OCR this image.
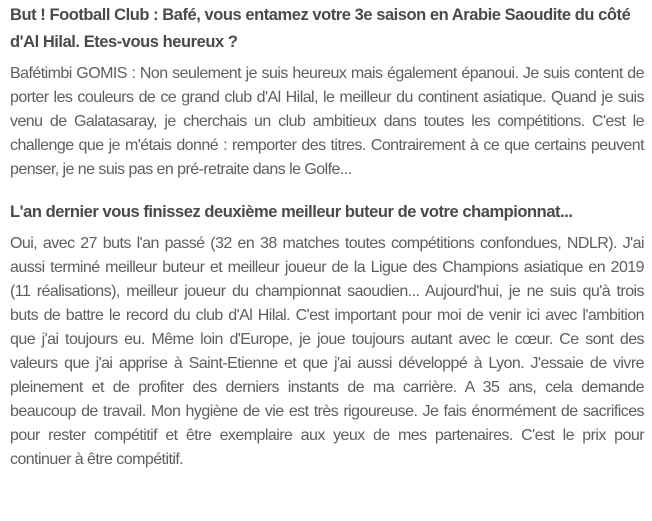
But ! Football Club : Bafé, vous entamez votre 3e saison en Arabie Saoudite du côté d'Al Hilal. Etes-vous heureux ?

Bafétimbi GOMIS : Non seulement je suis heureux mais également épanoui. Je suis content de porter les couleurs de ce grand club d'Al Hilal, le meilleur du continent asiatique. Quand je suis venu de Galatasaray, je cherchais un club ambitieux dans toutes les compétitions. C'est le challenge que je m'étais donné : remporter des titres. Contrairement à ce que certains peuvent penser, je ne suis pas en pré-retraite dans le Golfe...

L'an dernier vous finissez deuxième meilleur buteur de votre championnat...

Oui, avec 27 buts l'an passé (32 en 38 matches toutes compétitions confondues, NDLR). J'ai aussi terminé meilleur buteur et meilleur joueur de la Ligue des Champions asiatique en 2019 (11 réalisations), meilleur joueur du championnat saoudien... Aujourd'hui, je ne suis qu'à trois buts de battre le record du club d'Al Hilal. C'est important pour moi de venir ici avec l'ambition que j'ai toujours eu. Même loin d'Europe, je joue toujours autant avec le cœur. Ce sont des valeurs que j'ai apprise à Saint-Etienne et que j'ai aussi développé à Lyon. J'essaie de vivre pleinement et de profiter des derniers instants de ma carrière. A 35 ans, cela demande beaucoup de travail. Mon hygiène de vie est très rigoureuse. Je fais énormément de sacrifices pour rester compétitif et être exemplaire aux yeux de mes partenaires. C'est le prix pour continuer à être compétitif.
